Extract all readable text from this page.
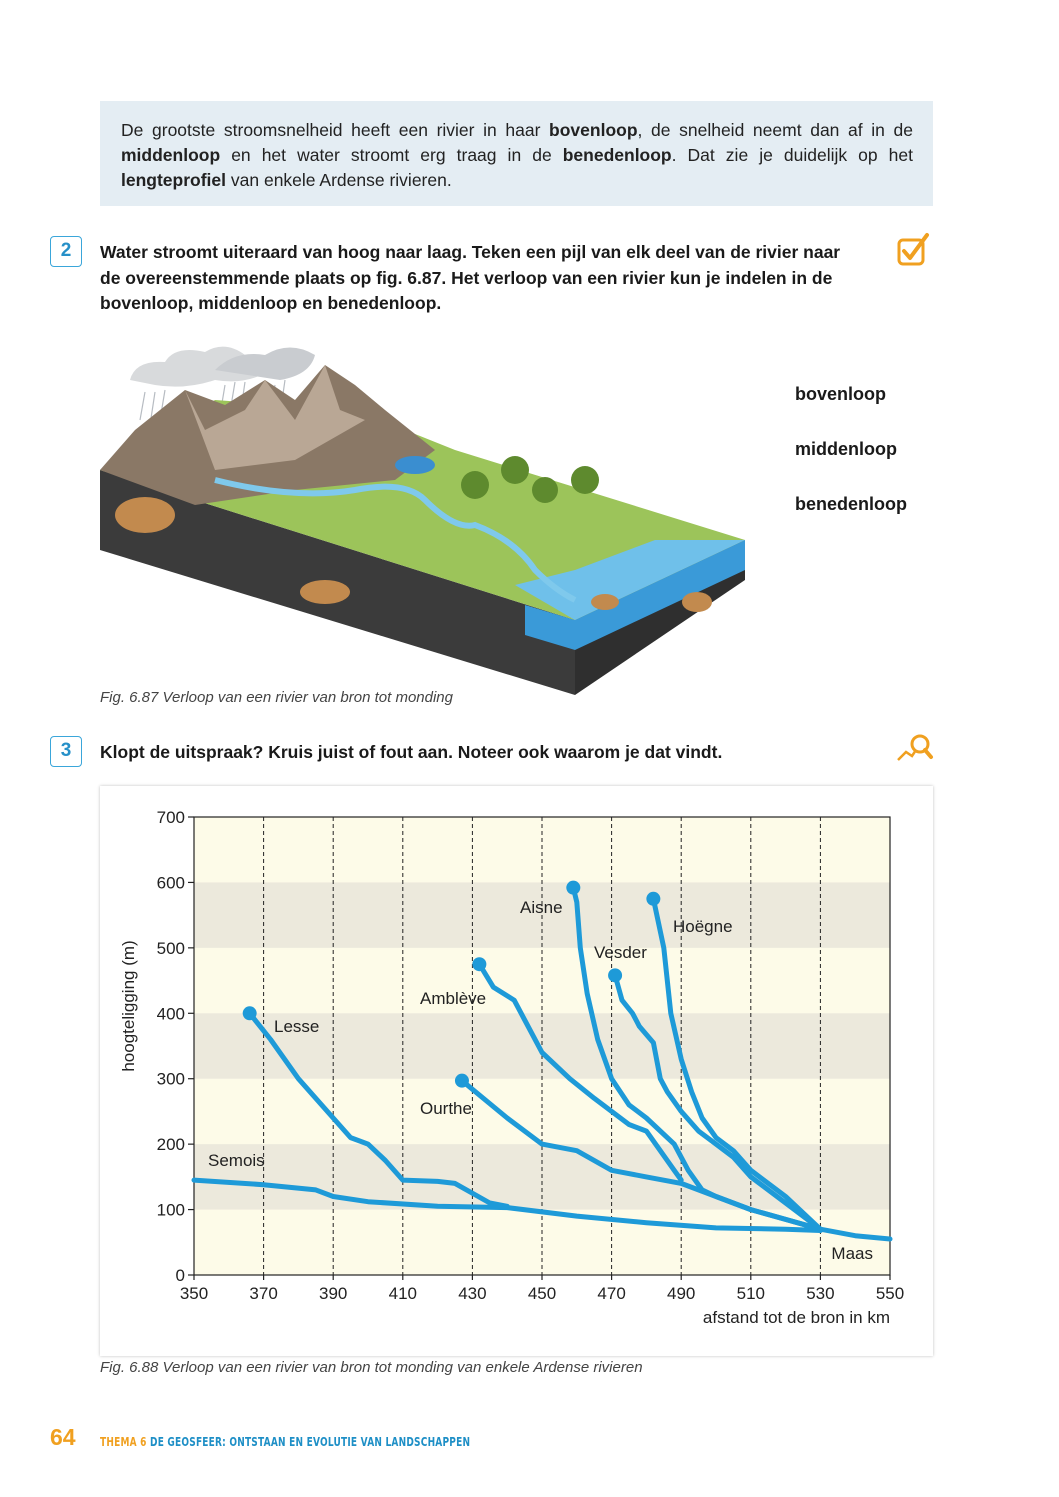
De grootste stroomsnelheid heeft een rivier in haar bovenloop, de snelheid neemt dan af in de middenloop en het water stroomt erg traag in de benedenloop. Dat zie je duidelijk op het lengteprofiel van enkele Ardense rivieren.
2	Water stroomt uiteraard van hoog naar laag. Teken een pijl van elk deel van de rivier naar
de overeenstemmende plaats op fig. 6.87. Het verloop van een rivier kun je indelen in de
bovenloop, middenloop en benedenloop.
bovenloop
middenloop
benedenloop
Fig. 6.87 Verloop van een rivier van bron tot monding
3	Klopt de uitspraak? Kruis juist of fout aan. Noteer ook waarom je dat vindt.
0
100
200
300
400
500
600
700
350 370 390 410 430 450 470 490 510 530 550
afstand tot de bron in km
hoogteligging (m)
Semois
Lesse
Ourthe
Amblève
Aisne
Vesder
Hoëgne
Maas
Fig. 6.88 Verloop van een rivier van bron tot monding van enkele Ardense rivieren
64 THEMA 6 DE GEOSFEER: ONTSTAAN EN EVOLUTIE VAN LANDSCHAPPEN
